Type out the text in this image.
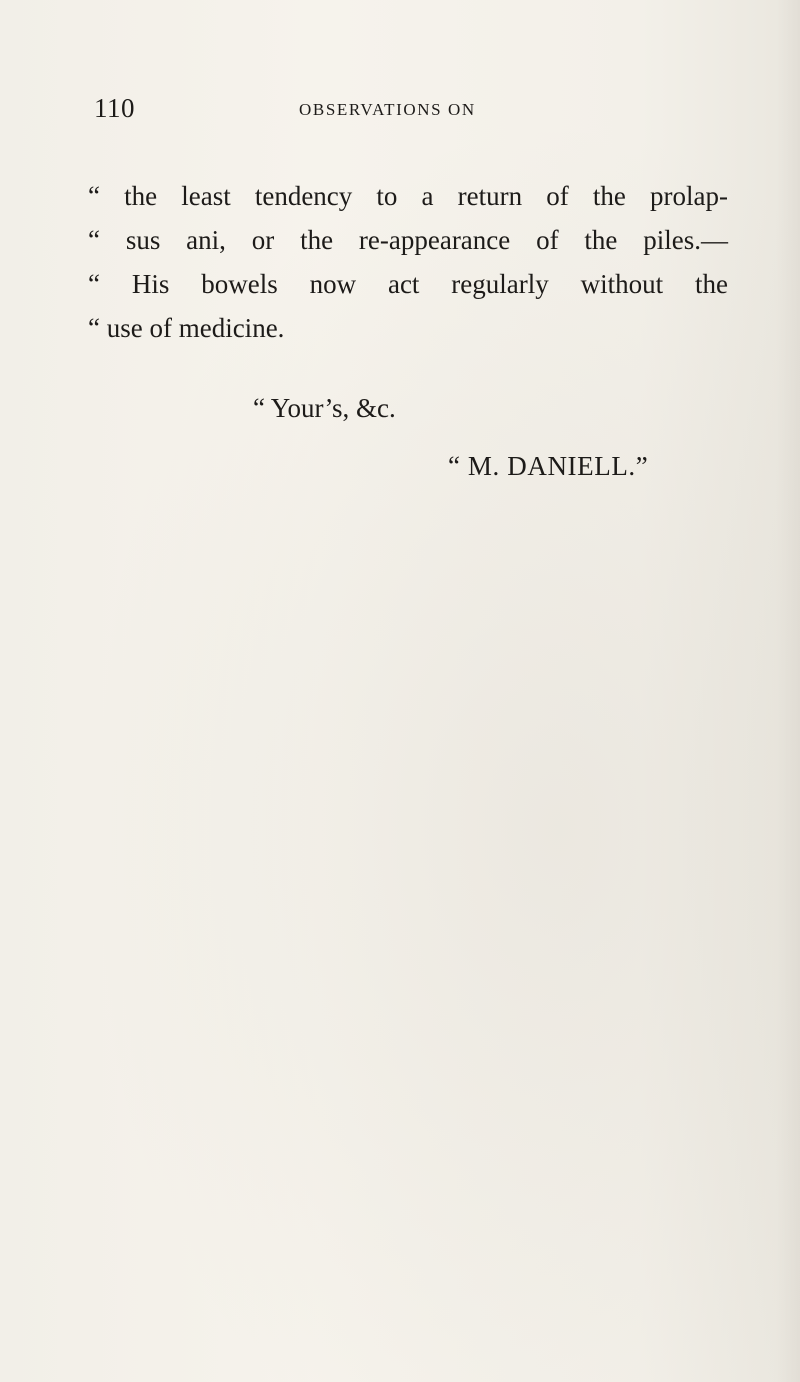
110	OBSERVATIONS ON
“ the least tendency to a return of the prolap-
“ sus ani, or the re-appearance of the piles.—
“ His bowels now act regularly without the
“ use of medicine.
“ Your’s, &c.
“ M. DANIELL.”
